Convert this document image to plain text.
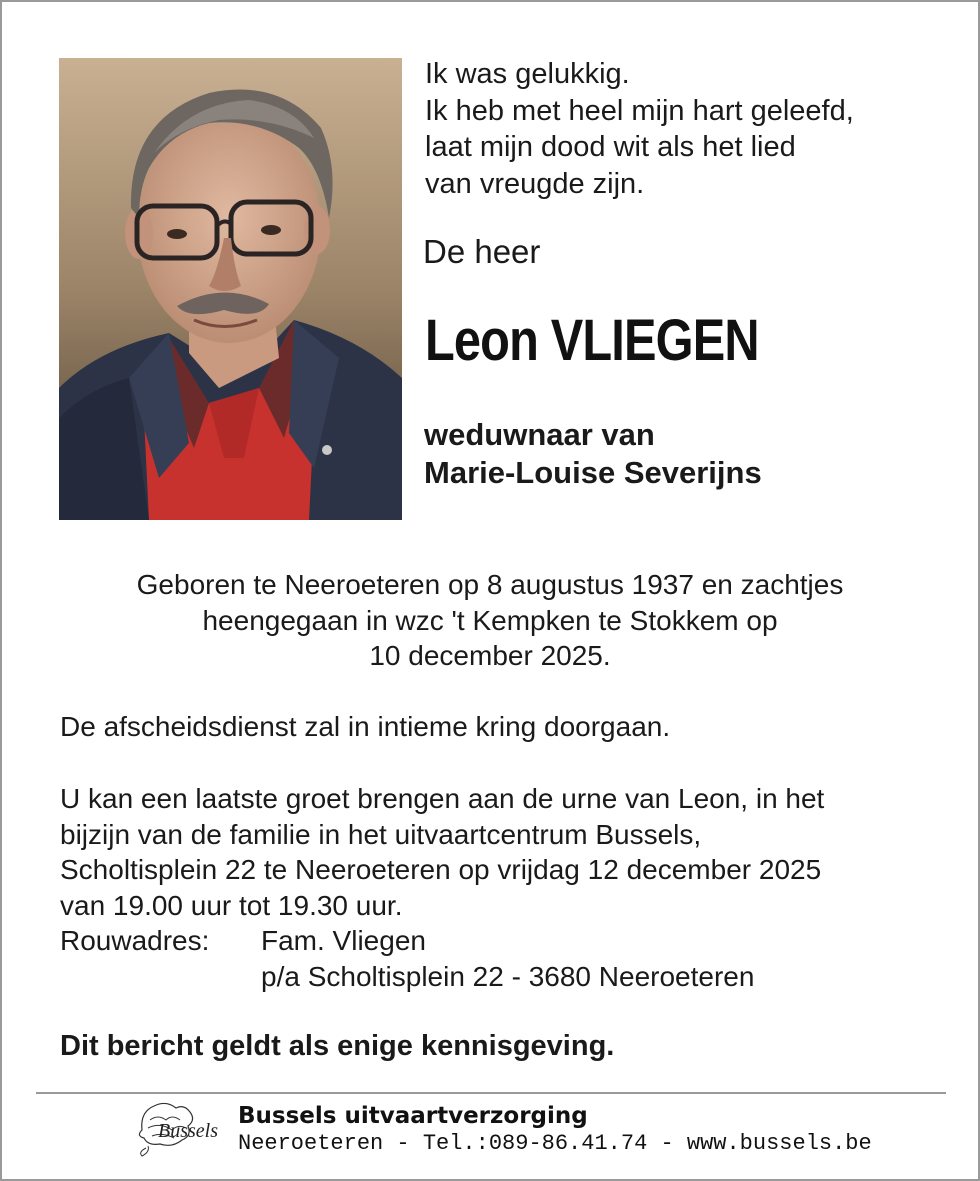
Ik was gelukkig.
Ik heb met heel mijn hart geleefd,
laat mijn dood wit als het lied
van vreugde zijn.
De heer
Leon VLIEGEN
weduwnaar van
Marie-Louise Severijns
Geboren te Neeroeteren op 8 augustus 1937 en zachtjes
heengegaan in wzc 't Kempken te Stokkem op
10 december 2025.
De afscheidsdienst zal in intieme kring doorgaan.
U kan een laatste groet brengen aan de urne van Leon, in het
bijzijn van de familie in het uitvaartcentrum Bussels,
Scholtisplein 22 te Neeroeteren op vrijdag 12 december 2025
van 19.00 uur tot 19.30 uur.
Rouwadres: Fam. Vliegen
p/a Scholtisplein 22 - 3680 Neeroeteren
Dit bericht geldt als enige kennisgeving.
Bussels
Bussels uitvaartverzorging
Neeroeteren - Tel.:089-86.41.74 - www.bussels.be
